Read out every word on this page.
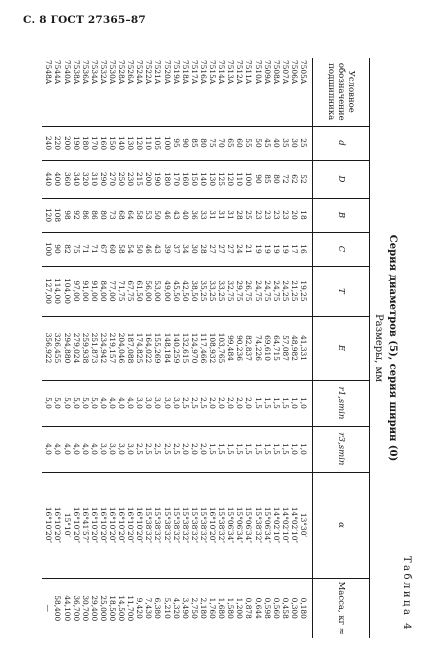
С. 8 ГОСТ 27365–87
Таблица 4
Серия диаметров (5), серия ширин (0)
Размеры, мм
Условное обозначение подшипника	d	D	B	C	T	E	r1,smin	r3,smin	α	Масса, кг ≈
7505A	25	52	18	16	19,25	41,331	1,0	1,0	13°30′	0,180
7506A	30	62	20	17	21,25	48,982	1,0	1,0	14°02′10″	0,300
7507A	35	72	23	19	24,25	57,087	1,5	1,5	14°02′10″	0,458
7508A	40	80	23	19	24,75	64,715	1,5	1,5	14°02′10″	0,560
7509A	45	85	23	19	24,75	69,610	1,5	1,5	15°06′34″	0,598
7510A	50	90	23	19	24,75	74,226	1,5	1,5	15°38′32″	0,644
7511A	55	100	25	21	26,75	82,837	2,0	1,5	15°06′34″	0,878
7512A	60	110	28	24	29,75	90,236	2,0	1,5	15°06′34″	1,200
7513A	65	120	31	27	32,75	99,484	2,0	1,5	15°06′34″	1,580
7514A	70	125	31	27	33,25	103,765	2,0	1,5	15°38′32″	1,680
7515A	75	130	31	27	33,25	108,932	2,0	1,5	16°10′20″	1,760
7516A	80	140	33	28	35,25	117,466	2,5	2,0	15°38′32″	2,180
7517A	85	150	36	30	38,50	124,970	2,5	2,0	15°38′32″	2,750
7518A	90	160	40	34	42,50	132,615	2,5	2,0	15°38′32″	3,490
7519A	95	170	43	37	45,50	140,259	3,0	2,5	15°38′32″	4,320
7520A	100	180	46	39	49,00	148,184	3,0	2,5	15°38′32″	5,210
7521A	105	190	50	43	53,00	155,269	3,0	2,5	15°38′32″	6,380
7522A	110	200	53	46	56,00	164,022	3,0	2,5	15°38′32″	7,430
7524A	120	215	58	50	61,50	174,825	3,0	2,5	16°10′20″	9,420
7526A	130	230	64	54	67,75	187,088	4,0	3,0	16°10′20″	11,700
7528A	140	250	68	58	71,75	204,046	4,0	3,0	16°10′20″	14,500
7530A	150	270	73	60	77,00	219,157	4,0	3,0	16°10′20″	18,500
7532A	160	290	80	67	84,00	234,942	4,0	3,0	16°10′20″	25,000
7534A	170	310	86	71	91,00	251,873	5,0	4,0	16°10′20″	29,400
7536A	180	320	86	71	91,00	259,938	5,0	4,0	16°41′57″	30,700
7538A	190	340	92	75	97,00	279,024	5,0	4,0	16°10′20″	36,700
7540A	200	360	98	82	104,00	294,880	5,0	4,0	15°10′	44,100
7544A	220	400	108	90	114,00	326,455	5,0	4,0	16°10′20″	58,400
7548A	240	440	120	100	127,00	356,922	5,0	4,0	16°10′20″	—
